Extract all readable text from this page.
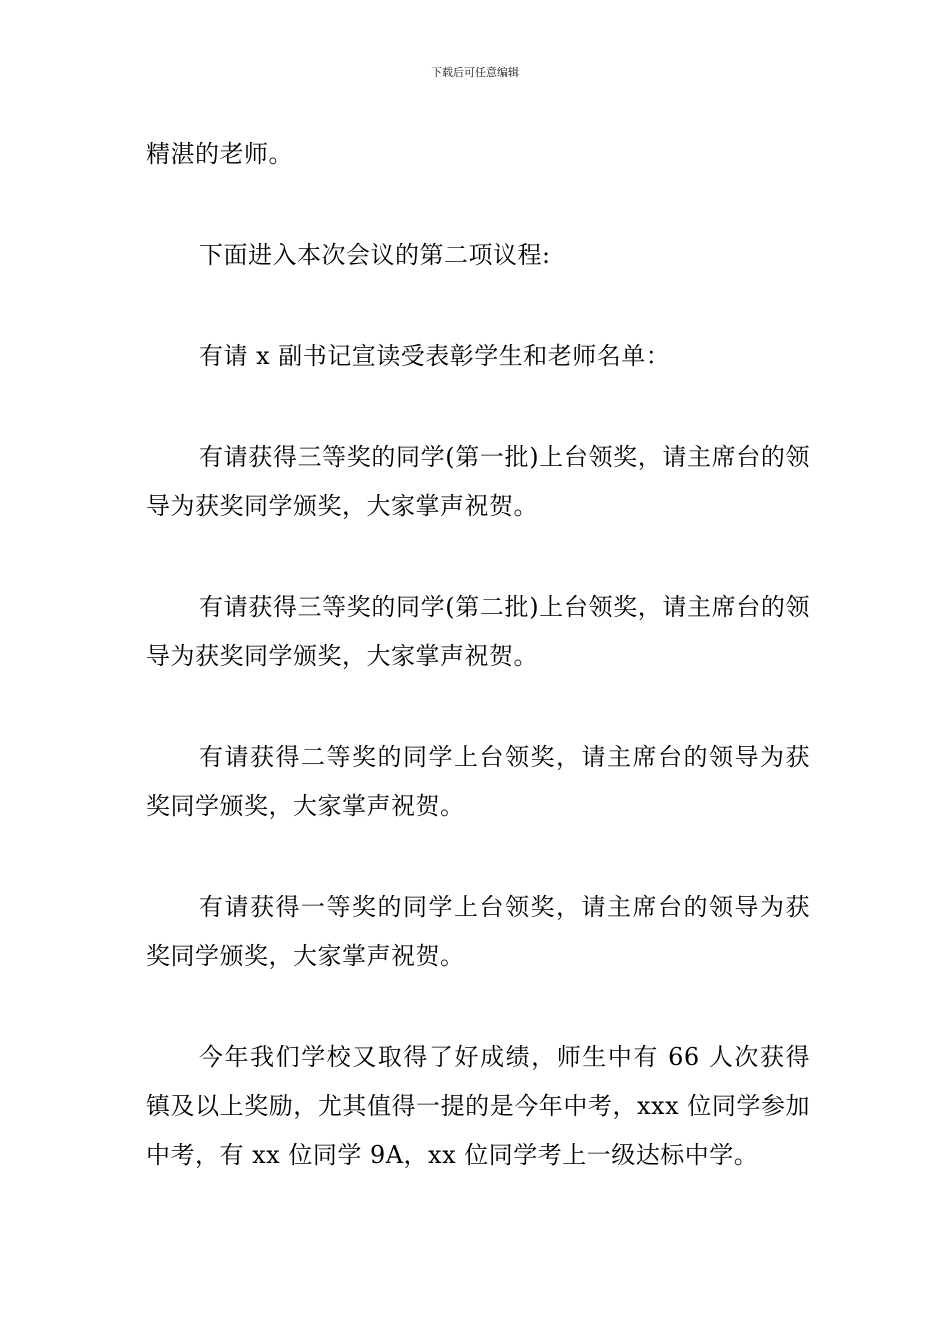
下载后可任意编辑

精湛的老师。

下面进入本次会议的第二项议程:

有请 x 副书记宣读受表彰学生和老师名单：

有请获得三等奖的同学(第一批)上台领奖，请主席台的领导为获奖同学颁奖，大家掌声祝贺。

有请获得三等奖的同学(第二批)上台领奖，请主席台的领导为获奖同学颁奖，大家掌声祝贺。

有请获得二等奖的同学上台领奖，请主席台的领导为获奖同学颁奖，大家掌声祝贺。

有请获得一等奖的同学上台领奖，请主席台的领导为获奖同学颁奖，大家掌声祝贺。

今年我们学校又取得了好成绩，师生中有 66 人次获得镇及以上奖励，尤其值得一提的是今年中考，xxx 位同学参加中考，有 xx 位同学 9A，xx 位同学考上一级达标中学。
